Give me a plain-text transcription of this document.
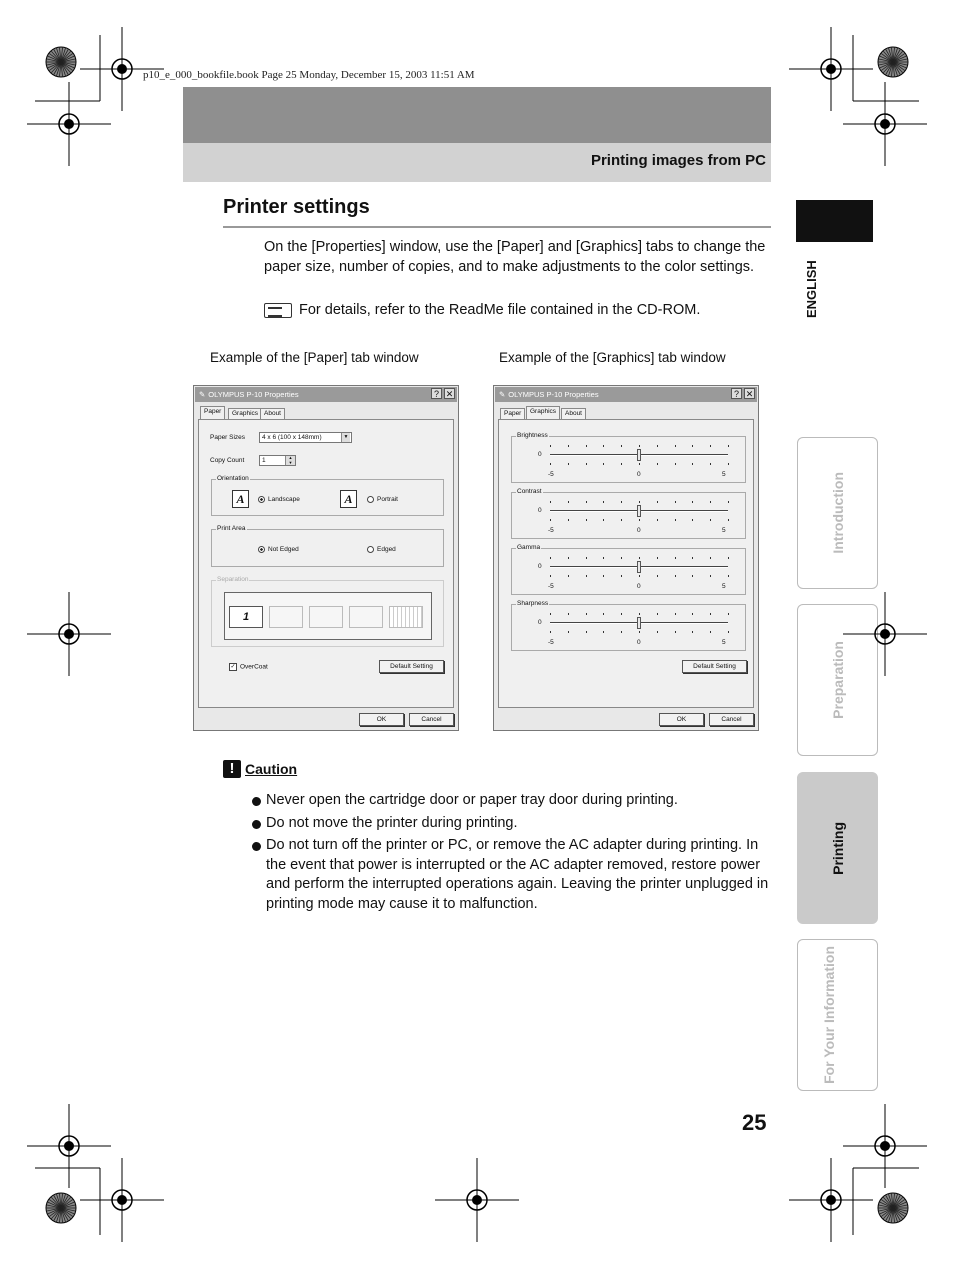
p10_e_000_bookfile.book Page 25 Monday, December 15, 2003 11:51 AM
Printing images from PC
Printer settings
On the [Properties] window, use the [Paper] and [Graphics] tabs to change the paper size, number of copies, and to make adjustments to the color settings.
For details, refer to the ReadMe file contained in the CD-ROM.
Example of the [Paper] tab window	Example of the [Graphics] tab window
✎ OLYMPUS P-10 Properties	? ✕
Paper	Graphics About
Paper Sizes	4 x 6 (100 x 148mm)	▼
Copy Count	1	▲
▼
Orientation
A	Landscape	A	Portrait
Print Area
Not Edged	Edged
Separation
1
✓ OverCoat	Default Setting
OK	Cancel
✎ OLYMPUS P-10 Properties	? ✕
Paper	Graphics	About
Brightness
0
-5	0	5
Contrast
0
-5	0	5
Gamma
0
-5	0	5
Sharpness
0
-5	0	5
Default Setting
OK	Cancel
! Caution
Never open the cartridge door or paper tray door during printing.
Do not move the printer during printing.
Do not turn off the printer or PC, or remove the AC adapter during printing. In the event that power is interrupted or the AC adapter removed, restore power and perform the interrupted operations again. Leaving the printer unplugged in printing mode may cause it to malfunction.
ENGLISH
Introduction
Preparation
Printing
For Your Information
25
